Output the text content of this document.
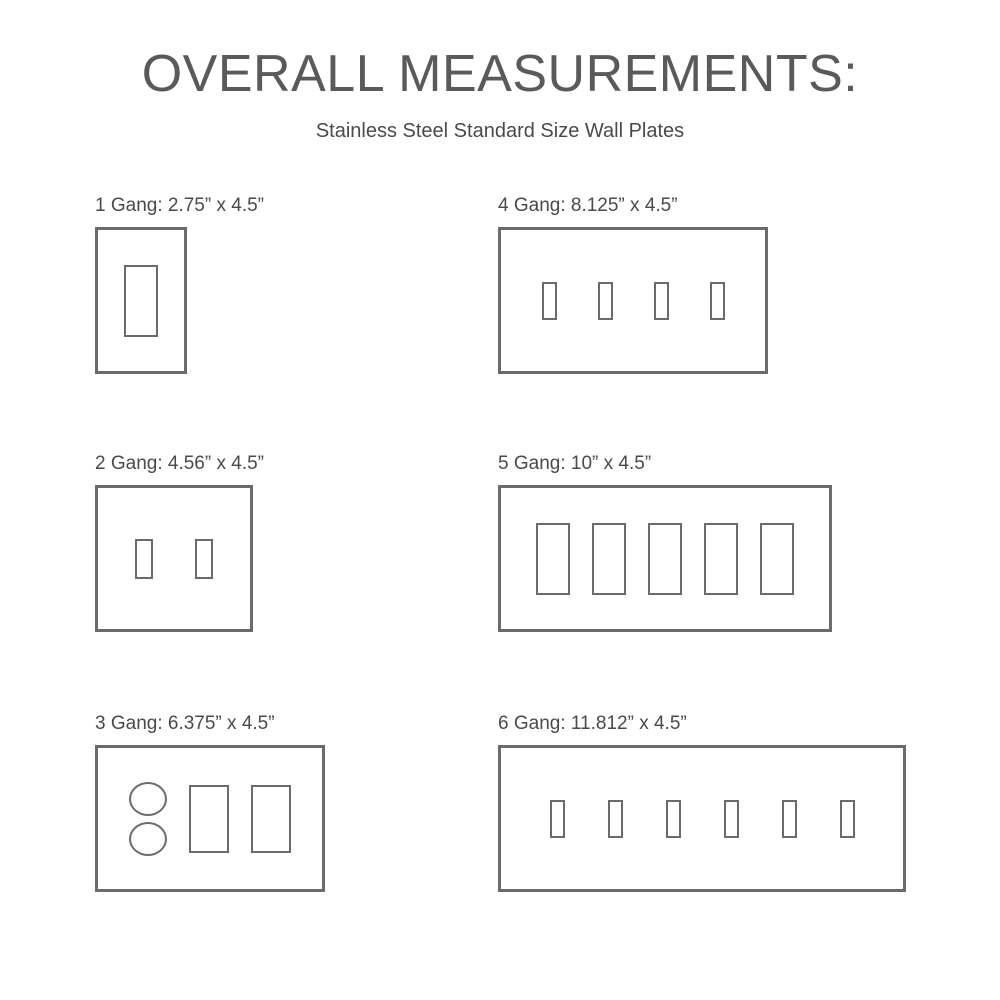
OVERALL MEASUREMENTS:
Stainless Steel Standard Size Wall Plates
1 Gang: 2.75” x 4.5”
2 Gang: 4.56” x 4.5”
3 Gang: 6.375” x 4.5”
4 Gang: 8.125” x 4.5”
5 Gang: 10” x 4.5”
6 Gang: 11.812” x 4.5”
